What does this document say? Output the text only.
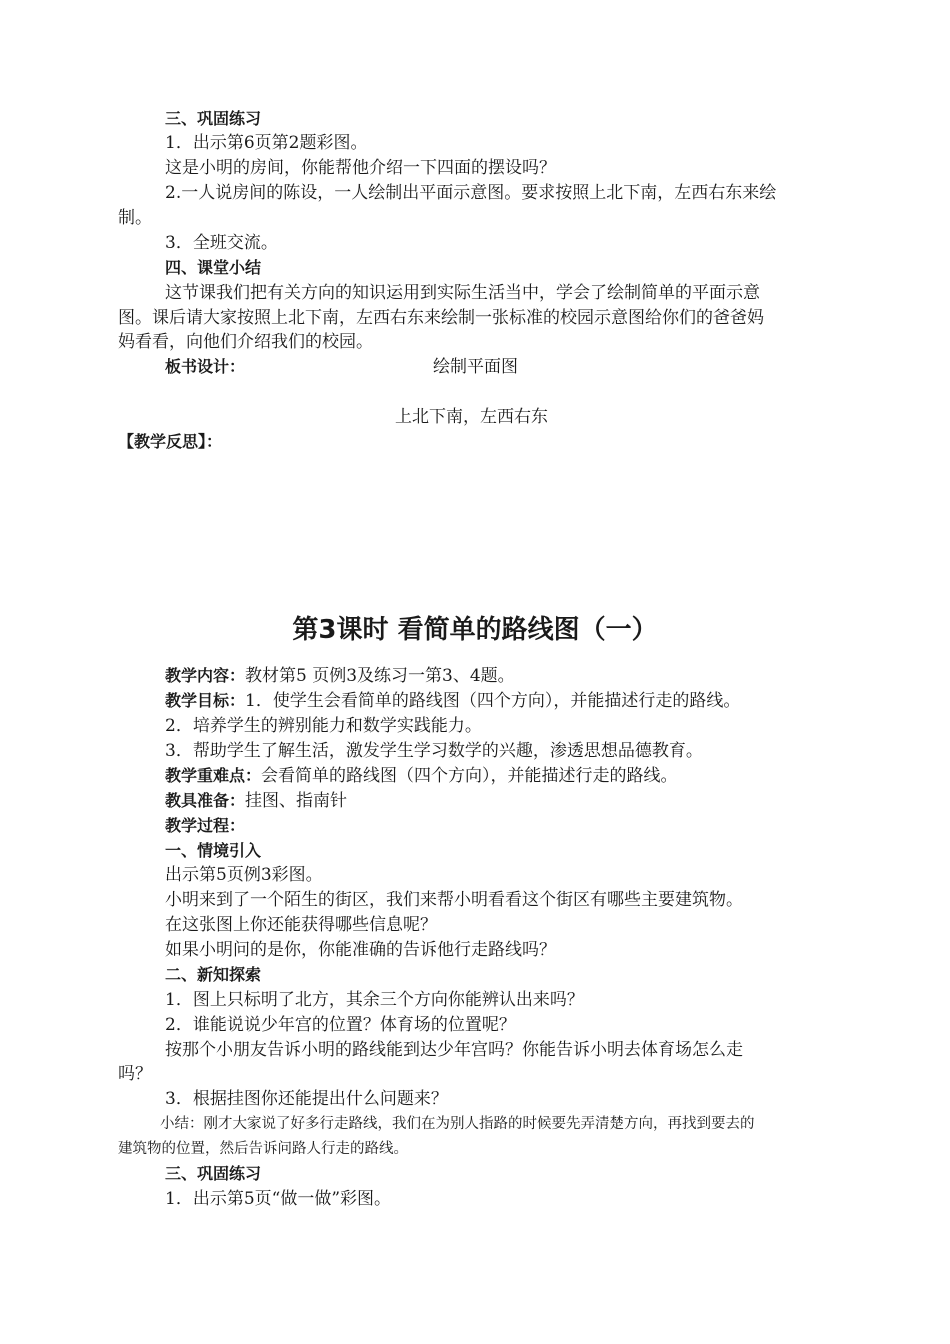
三、巩固练习
1．出示第6页第2题彩图。
这是小明的房间，你能帮他介绍一下四面的摆设吗？
2.一人说房间的陈设，一人绘制出平面示意图。要求按照上北下南，左西右东来绘
制。
3．全班交流。
四、课堂小结
这节课我们把有关方向的知识运用到实际生活当中，学会了绘制简单的平面示意
图。课后请大家按照上北下南，左西右东来绘制一张标准的校园示意图给你们的爸爸妈
妈看看，向他们介绍我们的校园。
板书设计：	绘制平面图
上北下南，左西右东
【教学反思】：
第3课时 看简单的路线图（一）
教学内容：教材第5 页例3及练习一第3、4题。
教学目标：1．使学生会看简单的路线图（四个方向），并能描述行走的路线。
2．培养学生的辨别能力和数学实践能力。
3．帮助学生了解生活，激发学生学习数学的兴趣，渗透思想品德教育。
教学重难点：会看简单的路线图（四个方向），并能描述行走的路线。
教具准备：挂图、指南针
教学过程：
一、情境引入
出示第5页例3彩图。
小明来到了一个陌生的街区，我们来帮小明看看这个街区有哪些主要建筑物。
在这张图上你还能获得哪些信息呢？
如果小明问的是你，你能准确的告诉他行走路线吗？
二、新知探索
1．图上只标明了北方，其余三个方向你能辨认出来吗？
2．谁能说说少年宫的位置？体育场的位置呢？
按那个小朋友告诉小明的路线能到达少年宫吗？你能告诉小明去体育场怎么走
吗？
3．根据挂图你还能提出什么问题来？
小结：刚才大家说了好多行走路线，我们在为别人指路的时候要先弄清楚方向，再找到要去的
建筑物的位置，然后告诉问路人行走的路线。
三、巩固练习
1．出示第5页“做一做”彩图。
